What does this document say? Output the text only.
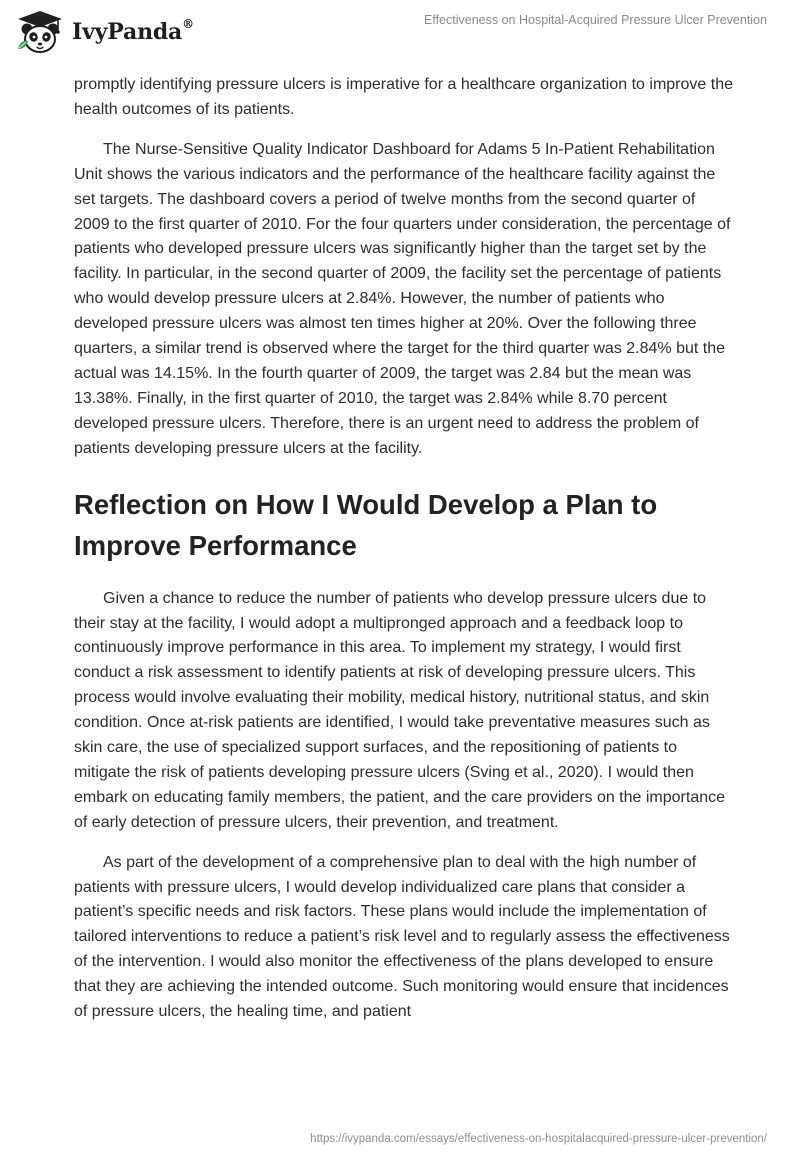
IvyPanda®	Effectiveness on Hospital-Acquired Pressure Ulcer Prevention

promptly identifying pressure ulcers is imperative for a healthcare organization to improve the health outcomes of its patients.

The Nurse-Sensitive Quality Indicator Dashboard for Adams 5 In-Patient Rehabilitation Unit shows the various indicators and the performance of the healthcare facility against the set targets. The dashboard covers a period of twelve months from the second quarter of 2009 to the first quarter of 2010. For the four quarters under consideration, the percentage of patients who developed pressure ulcers was significantly higher than the target set by the facility. In particular, in the second quarter of 2009, the facility set the percentage of patients who would develop pressure ulcers at 2.84%. However, the number of patients who developed pressure ulcers was almost ten times higher at 20%. Over the following three quarters, a similar trend is observed where the target for the third quarter was 2.84% but the actual was 14.15%. In the fourth quarter of 2009, the target was 2.84 but the mean was 13.38%. Finally, in the first quarter of 2010, the target was 2.84% while 8.70 percent developed pressure ulcers. Therefore, there is an urgent need to address the problem of patients developing pressure ulcers at the facility.

Reflection on How I Would Develop a Plan to Improve Performance

Given a chance to reduce the number of patients who develop pressure ulcers due to their stay at the facility, I would adopt a multipronged approach and a feedback loop to continuously improve performance in this area. To implement my strategy, I would first conduct a risk assessment to identify patients at risk of developing pressure ulcers. This process would involve evaluating their mobility, medical history, nutritional status, and skin condition. Once at-risk patients are identified, I would take preventative measures such as skin care, the use of specialized support surfaces, and the repositioning of patients to mitigate the risk of patients developing pressure ulcers (Sving et al., 2020). I would then embark on educating family members, the patient, and the care providers on the importance of early detection of pressure ulcers, their prevention, and treatment.

As part of the development of a comprehensive plan to deal with the high number of patients with pressure ulcers, I would develop individualized care plans that consider a patient’s specific needs and risk factors. These plans would include the implementation of tailored interventions to reduce a patient’s risk level and to regularly assess the effectiveness of the intervention. I would also monitor the effectiveness of the plans developed to ensure that they are achieving the intended outcome. Such monitoring would ensure that incidences of pressure ulcers, the healing time, and patient

https://ivypanda.com/essays/effectiveness-on-hospitalacquired-pressure-ulcer-prevention/
